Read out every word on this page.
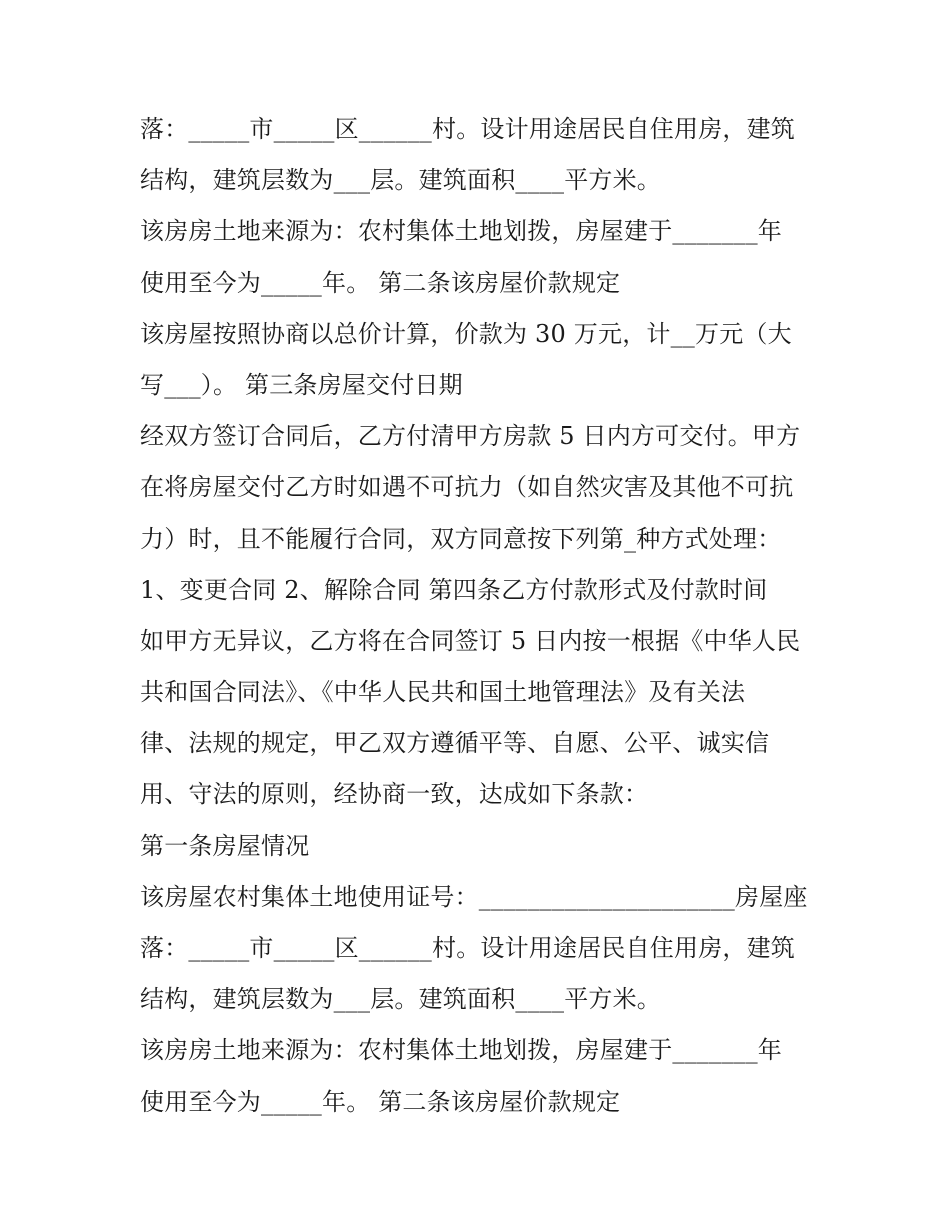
落：_____市_____区______村。设计用途居民自住用房，建筑
结构，建筑层数为___层。建筑面积____平方米。
该房房土地来源为：农村集体土地划拨，房屋建于_______年
使用至今为_____年。 第二条该房屋价款规定
该房屋按照协商以总价计算，价款为 30 万元，计__万元（大
写___）。 第三条房屋交付日期
经双方签订合同后，乙方付清甲方房款 5 日内方可交付。甲方
在将房屋交付乙方时如遇不可抗力（如自然灾害及其他不可抗
力）时，且不能履行合同，双方同意按下列第_种方式处理：
1、变更合同 2、解除合同 第四条乙方付款形式及付款时间
如甲方无异议，乙方将在合同签订 5 日内按一根据《中华人民
共和国合同法》、《中华人民共和国土地管理法》及有关法
律、法规的规定，甲乙双方遵循平等、自愿、公平、诚实信
用、守法的原则，经协商一致，达成如下条款：
第一条房屋情况
该房屋农村集体土地使用证号：_____________________房屋座
落：_____市_____区______村。设计用途居民自住用房，建筑
结构，建筑层数为___层。建筑面积____平方米。
该房房土地来源为：农村集体土地划拨，房屋建于_______年
使用至今为_____年。 第二条该房屋价款规定
